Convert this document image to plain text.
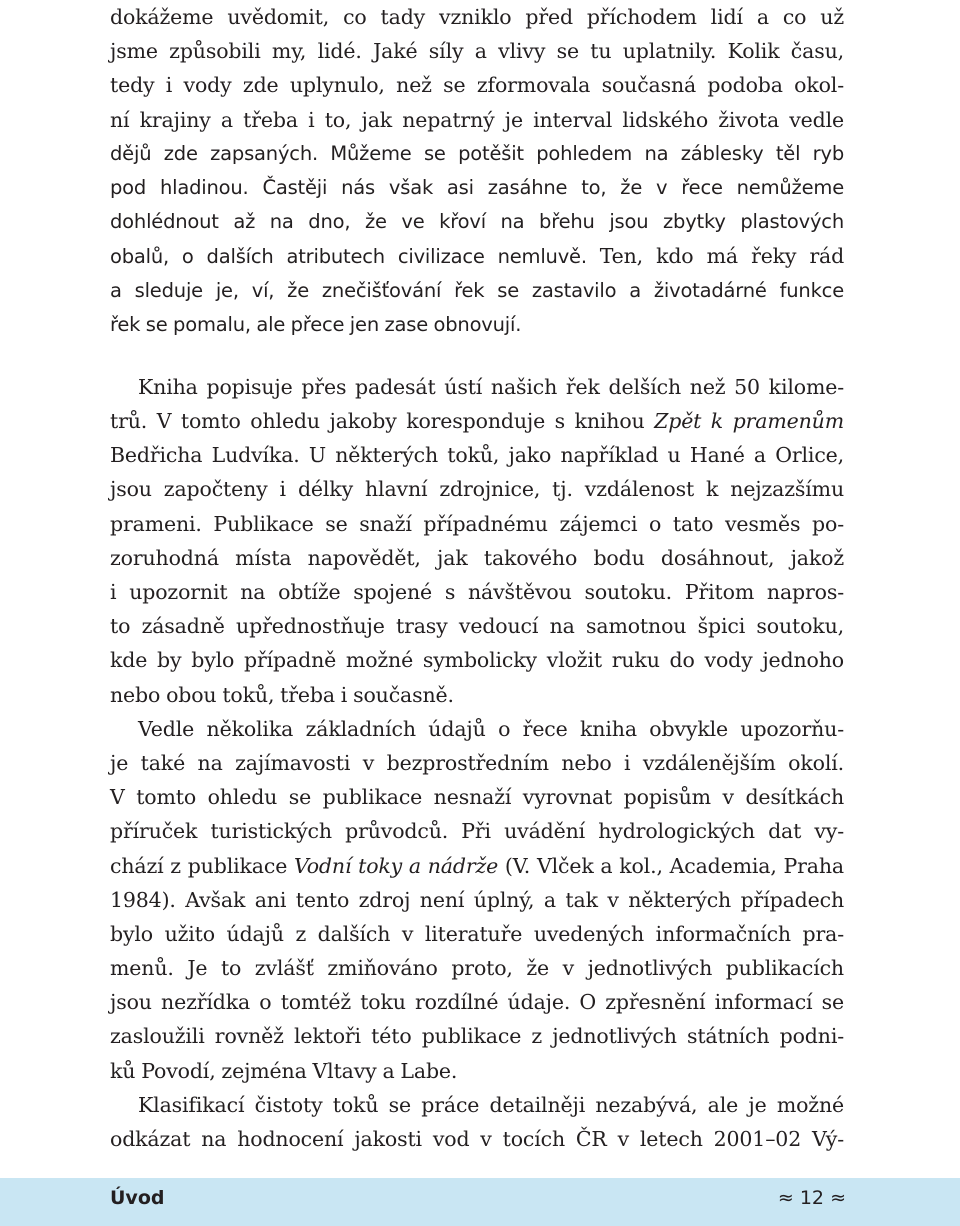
dokážeme uvědomit, co tady vzniklo před příchodem lidí a co už
jsme způsobili my, lidé. Jaké síly a vlivy se tu uplatnily. Kolik času,
tedy i vody zde uplynulo, než se zformovala současná podoba okol-
ní krajiny a třeba i to, jak nepatrný je interval lidského života vedle
dějů zde zapsaných. Můžeme se potěšit pohledem na záblesky těl ryb
pod hladinou. Častěji nás však asi zasáhne to, že v řece nemůžeme
dohlédnout až na dno, že ve křoví na břehu jsou zbytky plastových
obalů, o dalších atributech civilizace nemluvě. Ten, kdo má řeky rád
a sleduje je, ví, že znečišťování řek se zastavilo a životadárné funkce
řek se pomalu, ale přece jen zase obnovují.
Kniha popisuje přes padesát ústí našich řek delších než 50 kilome-
trů. V tomto ohledu jakoby koresponduje s knihou Zpět k pramenům
Bedřicha Ludvíka. U některých toků, jako například u Hané a Orlice,
jsou započteny i délky hlavní zdrojnice, tj. vzdálenost k nejzazšímu
prameni. Publikace se snaží případnému zájemci o tato vesměs po-
zoruhodná místa napovědět, jak takového bodu dosáhnout, jakož
i upozornit na obtíže spojené s návštěvou soutoku. Přitom napros-
to zásadně upřednostňuje trasy vedoucí na samotnou špici soutoku,
kde by bylo případně možné symbolicky vložit ruku do vody jednoho
nebo obou toků, třeba i současně.
Vedle několika základních údajů o řece kniha obvykle upozorňu-
je také na zajímavosti v bezprostředním nebo i vzdálenějším okolí.
V tomto ohledu se publikace nesnaží vyrovnat popisům v desítkách
příruček turistických průvodců. Při uvádění hydrologických dat vy-
chází z publikace Vodní toky a nádrže (V. Vlček a kol., Academia, Praha
1984). Avšak ani tento zdroj není úplný, a tak v některých případech
bylo užito údajů z dalších v literatuře uvedených informačních pra-
menů. Je to zvlášť zmiňováno proto, že v jednotlivých publikacích
jsou nezřídka o tomtéž toku rozdílné údaje. O zpřesnění informací se
zasloužili rovněž lektoři této publikace z jednotlivých státních podni-
ků Povodí, zejména Vltavy a Labe.
Klasifikací čistoty toků se práce detailněji nezabývá, ale je možné
odkázat na hodnocení jakosti vod v tocích ČR v letech 2001–02 Vý-
Úvod	≈ 12 ≈
